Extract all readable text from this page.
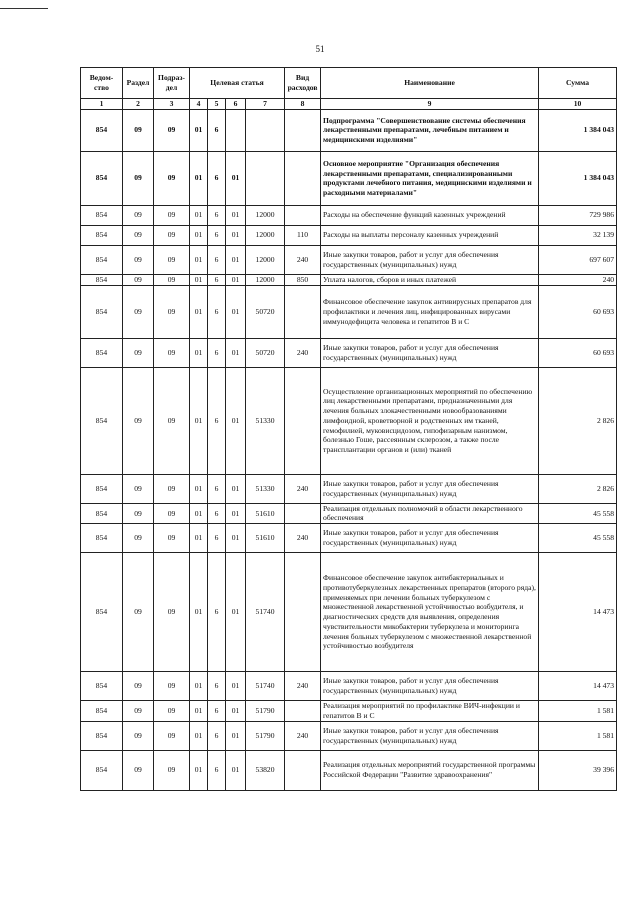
51
Ведом-ство	Раздел	Подраз-дел	Целевая статья				Вид расходов	Наименование	Сумма
1	2	3	4	5	6	7	8	9	10
854	09	09	01	6				Подпрограмма "Совершенствование системы обеспечения лекарственными препаратами, лечебным питанием и медицинскими изделиями"	1 384 043
854	09	09	01	6	01			Основное мероприятие "Организация обеспечения лекарственными препаратами, специализированными продуктами лечебного питания, медицинскими изделиями и расходными материалами"	1 384 043
854	09	09	01	6	01	12000		Расходы на обеспечение функций казенных учреждений	729 986
854	09	09	01	6	01	12000	110	Расходы на выплаты персоналу казенных учреждений	32 139
854	09	09	01	6	01	12000	240	Иные закупки товаров, работ и услуг для обеспечения государственных (муниципальных) нужд	697 607
854	09	09	01	6	01	12000	850	Уплата налогов, сборов и иных платежей	240
854	09	09	01	6	01	50720		Финансовое обеспечение закупок антивирусных препаратов для профилактики и лечения лиц, инфицированных вирусами иммунодефицита человека и гепатитов В и С	60 693
854	09	09	01	6	01	50720	240	Иные закупки товаров, работ и услуг для обеспечения государственных (муниципальных) нужд	60 693
854	09	09	01	6	01	51330		Осуществление организационных мероприятий по обеспечению лиц лекарственными препаратами, предназначенными для лечения больных злокачественными новообразованиями лимфоидной, кроветворной и родственных им тканей, гемофилией, муковисцидозом, гипофизарным нанизмом, болезнью Гоше, рассеянным склерозом, а также после трансплантации органов и (или) тканей	2 826
854	09	09	01	6	01	51330	240	Иные закупки товаров, работ и услуг для обеспечения государственных (муниципальных) нужд	2 826
854	09	09	01	6	01	51610		Реализация отдельных полномочий в области лекарственного обеспечения	45 558
854	09	09	01	6	01	51610	240	Иные закупки товаров, работ и услуг для обеспечения государственных (муниципальных) нужд	45 558
854	09	09	01	6	01	51740		Финансовое обеспечение закупок антибактериальных и противотуберкулезных лекарственных препаратов (второго ряда), применяемых при лечении больных туберкулезом с множественной лекарственной устойчивостью возбудителя, и диагностических средств для выявления, определения чувствительности микобактерии туберкулеза и мониторинга лечения больных туберкулезом с множественной лекарственной устойчивостью возбудителя	14 473
854	09	09	01	6	01	51740	240	Иные закупки товаров, работ и услуг для обеспечения государственных (муниципальных) нужд	14 473
854	09	09	01	6	01	51790		Реализация мероприятий по профилактике ВИЧ-инфекции и гепатитов В и С	1 581
854	09	09	01	6	01	51790	240	Иные закупки товаров, работ и услуг для обеспечения государственных (муниципальных) нужд	1 581
854	09	09	01	6	01	53820		Реализация отдельных мероприятий государственной программы Российской Федерации "Развитие здравоохранения"	39 396
